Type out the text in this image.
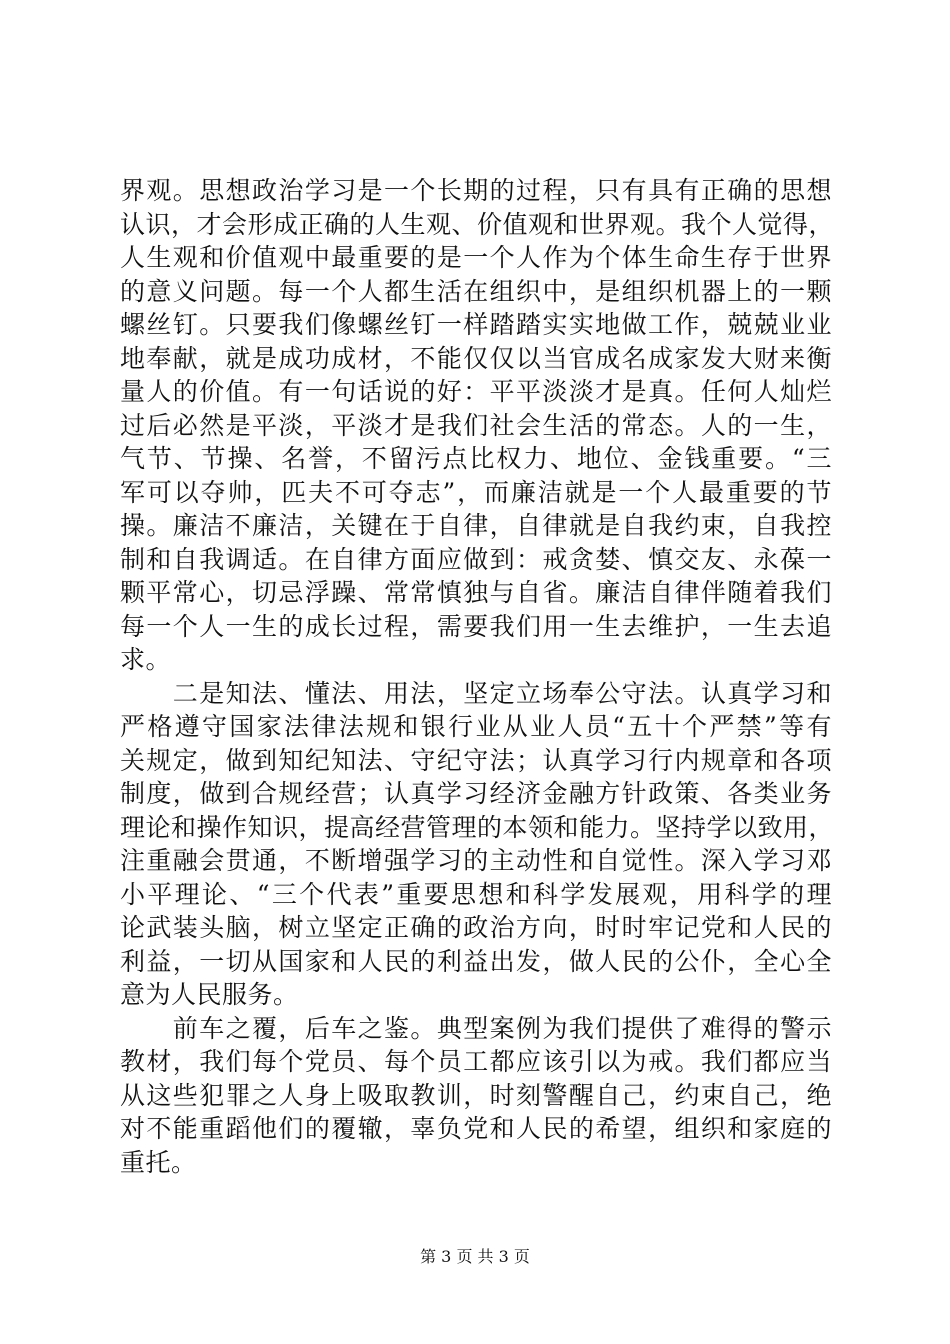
界观。思想政治学习是一个长期的过程，只有具有正确的思想
认识，才会形成正确的人生观、价值观和世界观。我个人觉得，
人生观和价值观中最重要的是一个人作为个体生命生存于世界
的意义问题。每一个人都生活在组织中，是组织机器上的一颗
螺丝钉。只要我们像螺丝钉一样踏踏实实地做工作，兢兢业业
地奉献，就是成功成材，不能仅仅以当官成名成家发大财来衡
量人的价值。有一句话说的好：平平淡淡才是真。任何人灿烂
过后必然是平淡，平淡才是我们社会生活的常态。人的一生，
气节、节操、名誉，不留污点比权力、地位、金钱重要。“三
军可以夺帅，匹夫不可夺志”，而廉洁就是一个人最重要的节
操。廉洁不廉洁，关键在于自律，自律就是自我约束，自我控
制和自我调适。在自律方面应做到：戒贪婪、慎交友、永葆一
颗平常心，切忌浮躁、常常慎独与自省。廉洁自律伴随着我们
每一个人一生的成长过程，需要我们用一生去维护，一生去追
求。
　　二是知法、懂法、用法，坚定立场奉公守法。认真学习和
严格遵守国家法律法规和银行业从业人员“五十个严禁”等有
关规定，做到知纪知法、守纪守法；认真学习行内规章和各项
制度，做到合规经营；认真学习经济金融方针政策、各类业务
理论和操作知识，提高经营管理的本领和能力。坚持学以致用，
注重融会贯通，不断增强学习的主动性和自觉性。深入学习邓
小平理论、“三个代表”重要思想和科学发展观，用科学的理
论武装头脑，树立坚定正确的政治方向，时时牢记党和人民的
利益，一切从国家和人民的利益出发，做人民的公仆，全心全
意为人民服务。
　　前车之覆，后车之鉴。典型案例为我们提供了难得的警示
教材，我们每个党员、每个员工都应该引以为戒。我们都应当
从这些犯罪之人身上吸取教训，时刻警醒自己，约束自己，绝
对不能重蹈他们的覆辙，辜负党和人民的希望，组织和家庭的
重托。
第 3 页 共 3 页
